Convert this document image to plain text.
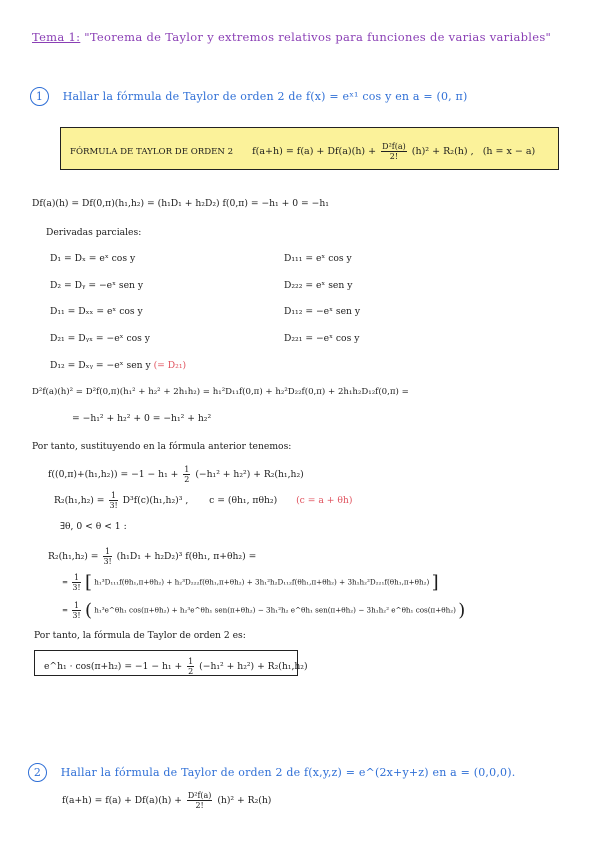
Tema 1: "Teorema de Taylor y extremos relativos para funciones de varias variables"
1 Hallar la fórmula de Taylor de orden 2 de f(x) = eˣ¹ cos y en a = (0, π)
FÓRMULA DE TAYLOR DE ORDEN 2 $f(a+h) = f(a) + Df(a)(h) + \frac{\text{D²f(a)}}{2!} (h)^2 + R_2(h)$ , (h = x − a)
Df(a)(h) = Df(0,π)(h₁,h₂) = (h₁D₁ + h₂D₂) f(0,π) = −h₁ + 0 = −h₁
Derivadas parciales:
D₁ = Dₓ = eˣ cos y
D₂ = Dᵧ = −eˣ sen y
D₁₁ = Dₓₓ = eˣ cos y
D₂₁ = Dᵧₓ = −eˣ cos y
D₁₂ = Dₓᵧ = −eˣ sen y (= D₂₁)
D₁₁₁ = eˣ cos y
D₂₂₂ = eˣ sen y
D₁₁₂ = −eˣ sen y
D₂₂₁ = −eˣ cos y
D²f(a)(h)² = D²f(0,π)(h₁² + h₂² + 2h₁h₂) = h₁²D₁₁f(0,π) + h₂²D₂₂f(0,π) + 2h₁h₂D₁₂f(0,π) =
= −h₁² + h₂² + 0 = −h₁² + h₂²
Por tanto, sustituyendo en la fórmula anterior tenemos:
$f((0,\pi)+(h_1,h_2)) = -1 - h_1 + \frac{1}{2} (-h_1^2 + h_2^2) + R_2(h_1,h_2)$
$R_2(h_1,h_2) = \frac{1}{3!} D^3f(c)(h_1,h_2)^3$ , c = (θh₁, πθh₂) (c = a + θh)
∃θ, 0 < θ < 1 :
$R_2(h_1,h_2) = \frac{1}{3!} (h_1D_1 + h_2D_2)^3$ f(θh₁, π+θh₂) =
= $\frac{1}{3!}$ [ h₁³D₁₁₁f(θh₁,π+θh₂) + h₂³D₂₂₂f(θh₁,π+θh₂) + 3h₁²h₂D₁₁₂f(θh₁,π+θh₂) + 3h₁h₂²D₂₂₁f(θh₁,π+θh₂) ]
= $\frac{1}{3!}$ ( h₁³e^θh₁ cos(π+θh₂) + h₂³e^θh₁ sen(π+θh₂) − 3h₁²h₂ e^θh₁ sen(π+θh₂) − 3h₁h₂² e^θh₁ cos(π+θh₂) )
Por tanto, la fórmula de Taylor de orden 2 es:
e^h₁ · $\cos(\pi+h_2) = -1 - h_1 + \frac{1}{2} (-h_1^2 + h_2^2) + R_2(h_1,h_2)$
2 Hallar la fórmula de Taylor de orden 2 de f(x,y,z) = e^(2x+y+z) en a = (0,0,0).
$f(a+h) = f(a) + Df(a)(h) + \frac{\text{D²f(a)}}{2!} (h)^2 + R_2(h)$
